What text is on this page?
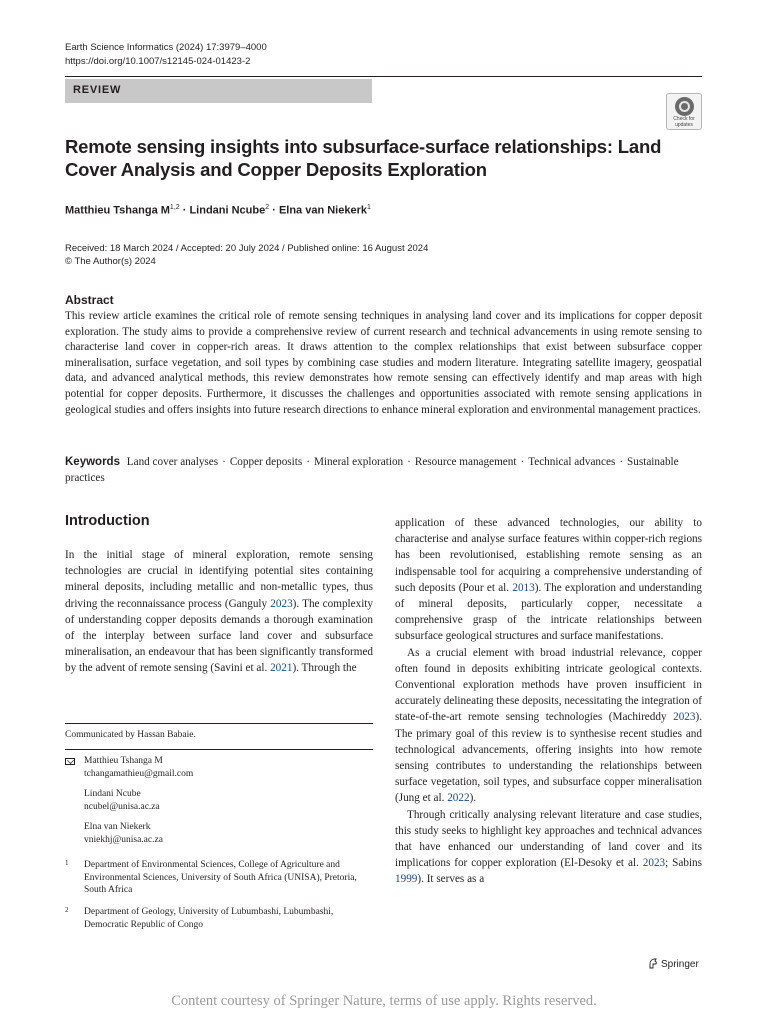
Earth Science Informatics (2024) 17:3979–4000
https://doi.org/10.1007/s12145-024-01423-2
REVIEW
Check for updates
Remote sensing insights into subsurface-surface relationships: Land Cover Analysis and Copper Deposits Exploration
Matthieu Tshanga M$^{1,2}$ · Lindani Ncube$^2$ · Elna van Niekerk$^1$
Received: 18 March 2024 / Accepted: 20 July 2024 / Published online: 16 August 2024
© The Author(s) 2024
Abstract
This review article examines the critical role of remote sensing techniques in analysing land cover and its implications for copper deposit exploration. The study aims to provide a comprehensive review of current research and technical advancements in using remote sensing to characterise land cover in copper-rich areas. It draws attention to the complex relationships that exist between subsurface copper mineralisation, surface vegetation, and soil types by combining case studies and modern literature. Integrating satellite imagery, geospatial data, and advanced analytical methods, this review demonstrates how remote sensing can effectively identify and map areas with high potential for copper deposits. Furthermore, it discusses the challenges and opportunities associated with remote sensing applications in geological studies and offers insights into future research directions to enhance mineral exploration and environmental management practices.
Keywords Land cover analyses · Copper deposits · Mineral exploration · Resource management · Technical advances · Sustainable practices
Introduction

In the initial stage of mineral exploration, remote sensing technologies are crucial in identifying potential sites containing mineral deposits, including metallic and non-metallic types, thus driving the reconnaissance process (Ganguly 2023). The complexity of understanding copper deposits demands a thorough examination of the interplay between surface land cover and subsurface mineralisation, an endeavour that has been significantly transformed by the advent of remote sensing (Savini et al. 2021). Through the

application of these advanced technologies, our ability to characterise and analyse surface features within copper-rich regions has been revolutionised, establishing remote sensing as an indispensable tool for acquiring a comprehensive understanding of such deposits (Pour et al. 2013). The exploration and understanding of mineral deposits, particularly copper, necessitate a comprehensive grasp of the intricate relationships between subsurface geological structures and surface manifestations.

As a crucial element with broad industrial relevance, copper often found in deposits exhibiting intricate geological contexts. Conventional exploration methods have proven insufficient in accurately delineating these deposits, necessitating the integration of state-of-the-art remote sensing technologies (Machireddy 2023). The primary goal of this review is to synthesise recent studies and technological advancements, offering insights into how remote sensing contributes to understanding the relationships between surface vegetation, soil types, and subsurface copper mineralisation (Jung et al. 2022).

Through critically analysing relevant literature and case studies, this study seeks to highlight key approaches and technical advances that have enhanced our understanding of land cover and its implications for copper exploration (El-Desoky et al. 2023; Sabins 1999). It serves as a

Communicated by Hassan Babaie.
Matthieu Tshanga M
tchangamathieu@gmail.com
Lindani Ncube
ncubel@unisa.ac.za
Elna van Niekerk
vniekhj@unisa.ac.za
1 Department of Environmental Sciences, College of Agriculture and Environmental Sciences, University of South Africa (UNISA), Pretoria, South Africa
2 Department of Geology, University of Lubumbashi, Lubumbashi, Democratic Republic of Congo
Springer
Content courtesy of Springer Nature, terms of use apply. Rights reserved.
